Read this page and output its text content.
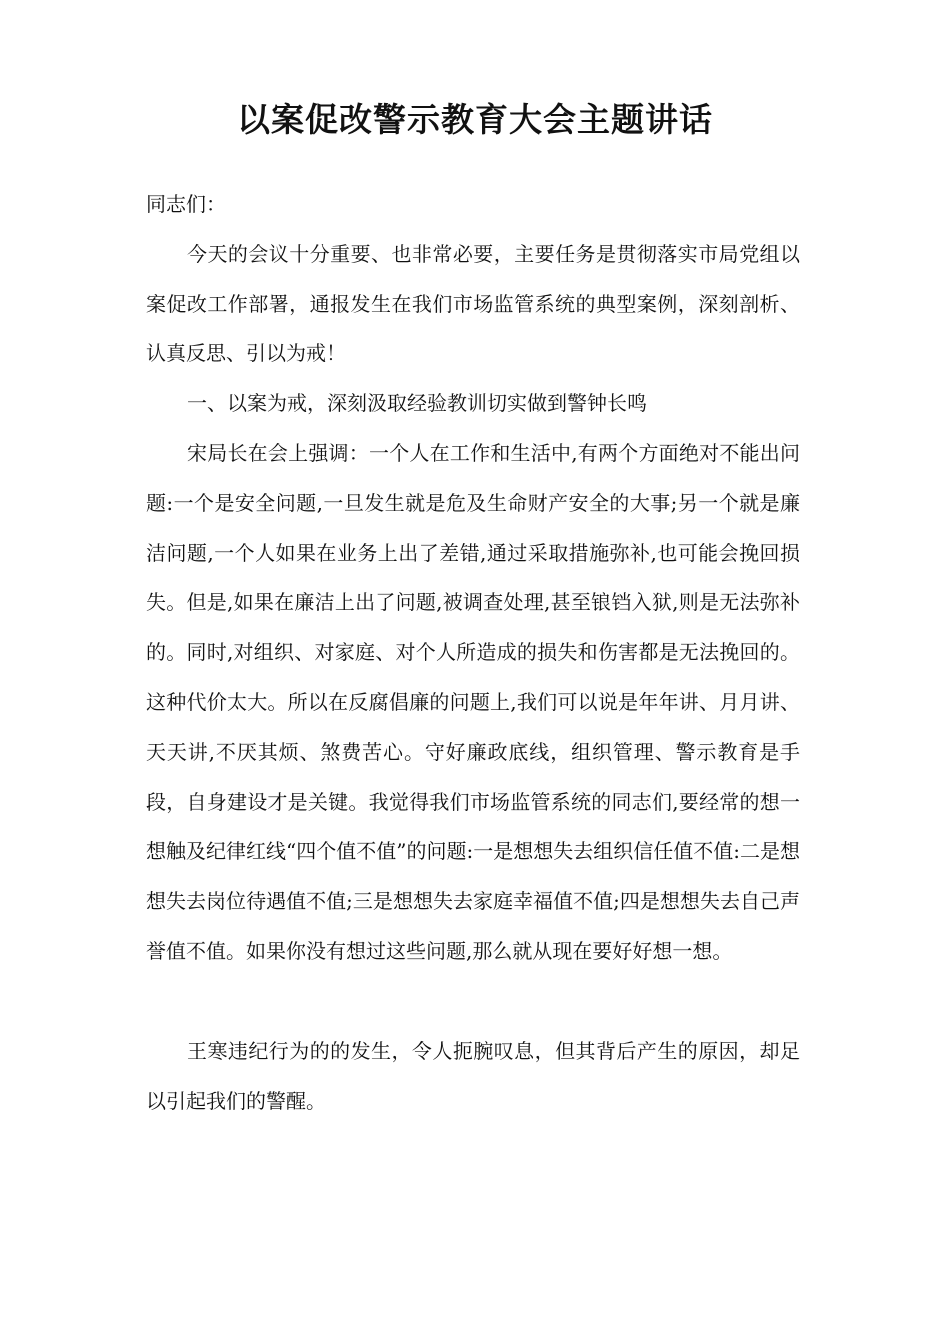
以案促改警示教育大会主题讲话

同志们：

今天的会议十分重要、也非常必要，主要任务是贯彻落实市局党组以案促改工作部署，通报发生在我们市场监管系统的典型案例，深刻剖析、认真反思、引以为戒！

一、以案为戒，深刻汲取经验教训切实做到警钟长鸣

宋局长在会上强调：一个人在工作和生活中,有两个方面绝对不能出问题:一个是安全问题,一旦发生就是危及生命财产安全的大事;另一个就是廉洁问题,一个人如果在业务上出了差错,通过采取措施弥补,也可能会挽回损失。但是,如果在廉洁上出了问题,被调查处理,甚至锒铛入狱,则是无法弥补的。同时,对组织、对家庭、对个人所造成的损失和伤害都是无法挽回的。这种代价太大。所以在反腐倡廉的问题上,我们可以说是年年讲、月月讲、天天讲,不厌其烦、煞费苦心。守好廉政底线，组织管理、警示教育是手段，自身建设才是关键。我觉得我们市场监管系统的同志们,要经常的想一想触及纪律红线“四个值不值”的问题:一是想想失去组织信任值不值:二是想想失去岗位待遇值不值;三是想想失去家庭幸福值不值;四是想想失去自己声誉值不值。如果你没有想过这些问题,那么就从现在要好好想一想。

王寒违纪行为的的发生，令人扼腕叹息，但其背后产生的原因，却足以引起我们的警醒。
